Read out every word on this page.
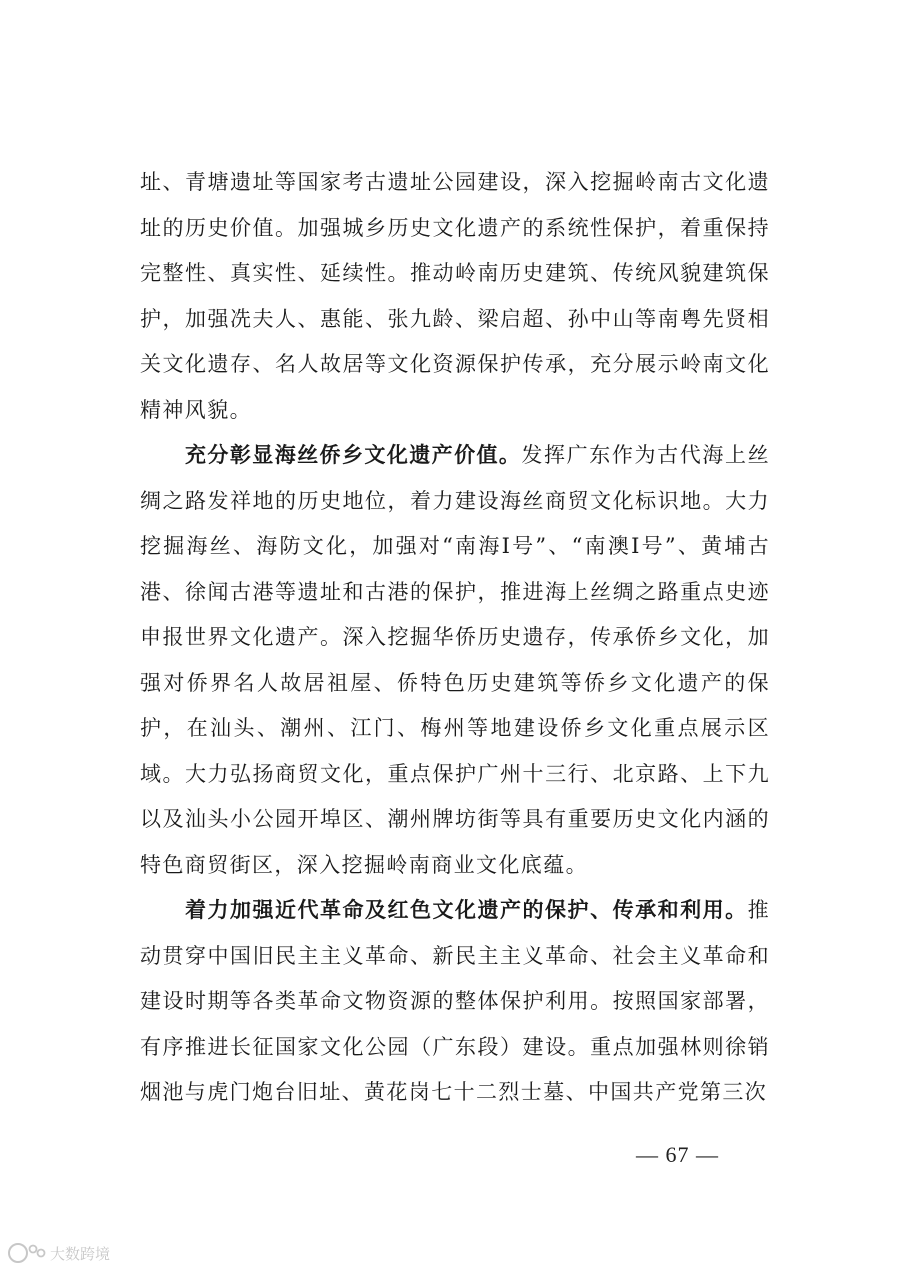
址、青塘遗址等国家考古遗址公园建设，深入挖掘岭南古文化遗址的历史价值。加强城乡历史文化遗产的系统性保护，着重保持完整性、真实性、延续性。推动岭南历史建筑、传统风貌建筑保护，加强冼夫人、惠能、张九龄、梁启超、孙中山等南粤先贤相关文化遗存、名人故居等文化资源保护传承，充分展示岭南文化精神风貌。

充分彰显海丝侨乡文化遗产价值。发挥广东作为古代海上丝绸之路发祥地的历史地位，着力建设海丝商贸文化标识地。大力挖掘海丝、海防文化，加强对“南海Ⅰ号”、“南澳Ⅰ号”、黄埔古港、徐闻古港等遗址和古港的保护，推进海上丝绸之路重点史迹申报世界文化遗产。深入挖掘华侨历史遗存，传承侨乡文化，加强对侨界名人故居祖屋、侨特色历史建筑等侨乡文化遗产的保护，在汕头、潮州、江门、梅州等地建设侨乡文化重点展示区域。大力弘扬商贸文化，重点保护广州十三行、北京路、上下九以及汕头小公园开埠区、潮州牌坊街等具有重要历史文化内涵的特色商贸街区，深入挖掘岭南商业文化底蕴。

着力加强近代革命及红色文化遗产的保护、传承和利用。推动贯穿中国旧民主主义革命、新民主主义革命、社会主义革命和建设时期等各类革命文物资源的整体保护利用。按照国家部署，有序推进长征国家文化公园（广东段）建设。重点加强林则徐销烟池与虎门炮台旧址、黄花岗七十二烈士墓、中国共产党第三次

— 67 —
大数跨境
